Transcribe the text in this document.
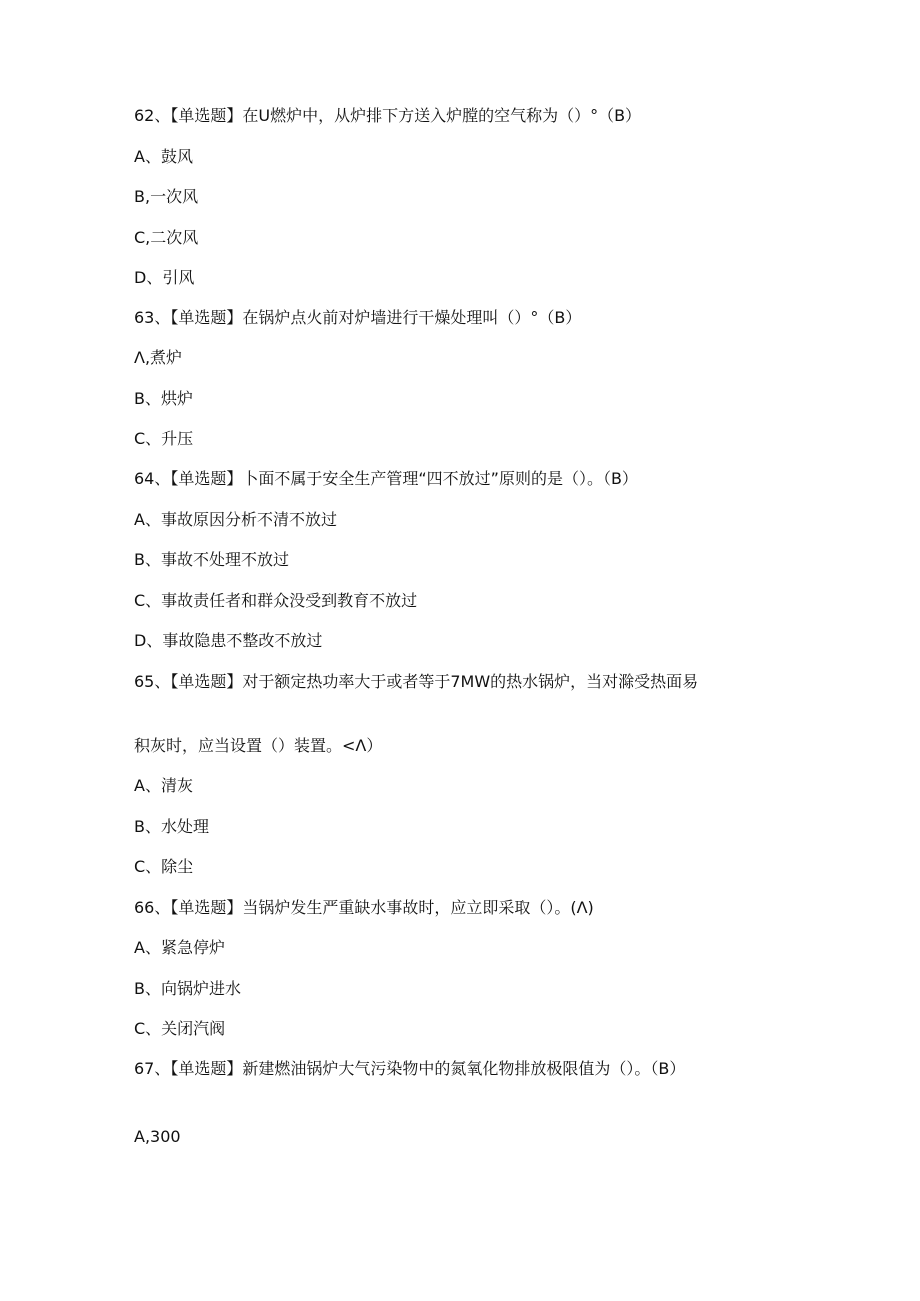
62、【单选题】在U燃炉中，从炉排下方送入炉膛的空气称为（）°（B）
A、鼓风
B,一次风
C,二次风
D、引风
63、【单选题】在锅炉点火前对炉墙进行干燥处理叫（）°（B）
Λ,煮炉
B、烘炉
C、升压
64、【单选题】卜面不属于安全生产管理“四不放过”原则的是（）。（B）
A、事故原因分析不清不放过
B、事故不处理不放过
C、事故责任者和群众没受到教育不放过
D、事故隐患不整改不放过
65、【单选题】对于额定热功率大于或者等于7MW的热水锅炉，当对滁受热面易
积灰时，应当设置（）装置。<Λ）
A、清灰
B、水处理
C、除尘
66、【单选题】当锅炉发生严重缺水事故时，应立即采取（）。(Λ)
A、紧急停炉
B、向锅炉进水
C、关闭汽阀
67、【单选题】新建燃油锅炉大气污染物中的氮氧化物排放极限值为（）。（B）
A,300
